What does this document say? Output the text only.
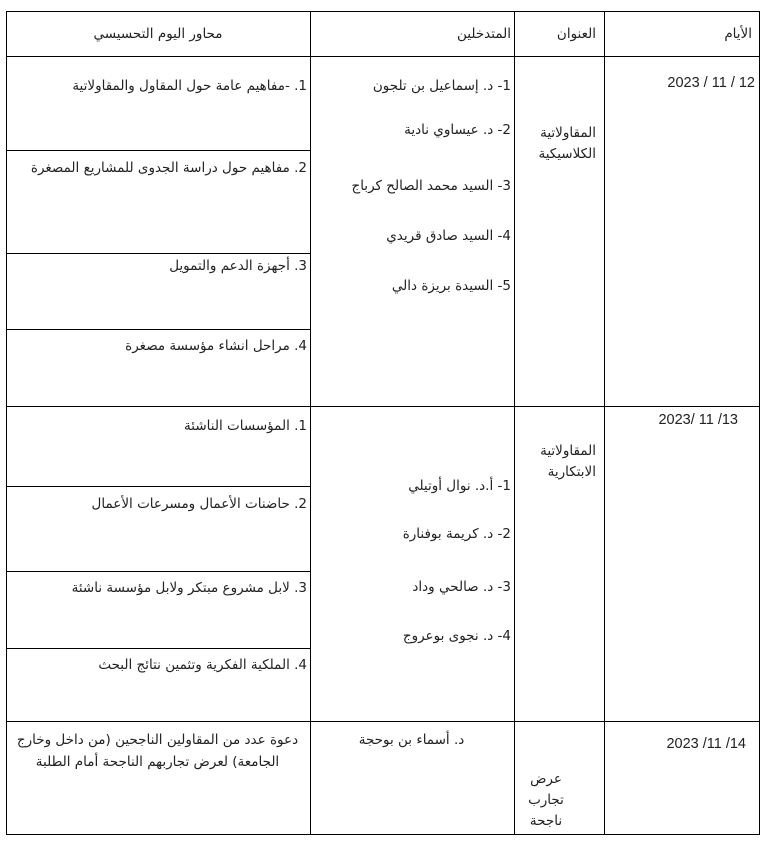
الأيام
العنوان
المتدخلين
محاور اليوم التحسيسي
2023 / 11 / 12
المقاولاتية الكلاسيكية
1- د. إسماعيل بن تلجون
2- د. عيساوي نادية
3- السيد محمد الصالح كرباج
4- السيد صادق قريدي
5- السيدة بريزة دالي
1. -مفاهيم عامة حول المقاول والمقاولاتية
2. مفاهيم حول دراسة الجدوى للمشاريع المصغرة
3. أجهزة الدعم والتمويل
4. مراحل انشاء مؤسسة مصغرة
2023/ 11 /13
المقاولاتية الابتكارية
1- أ.د. نوال أوتيلي
2- د. كريمة بوفنارة
3- د. صالحي وداد
4- د. نجوى بوعروج
1. المؤسسات الناشئة
2. حاضنات الأعمال ومسرعات الأعمال
3. لابل مشروع مبتكر ولابل مؤسسة ناشئة
4. الملكية الفكرية وتثمين نتائج البحث
2023 /11 /14
عرض
تجارب
ناجحة
د. أسماء بن بوحجة
دعوة عدد من المقاولين الناجحين (من داخل وخارج الجامعة) لعرض تجاربهم الناجحة أمام الطلبة
